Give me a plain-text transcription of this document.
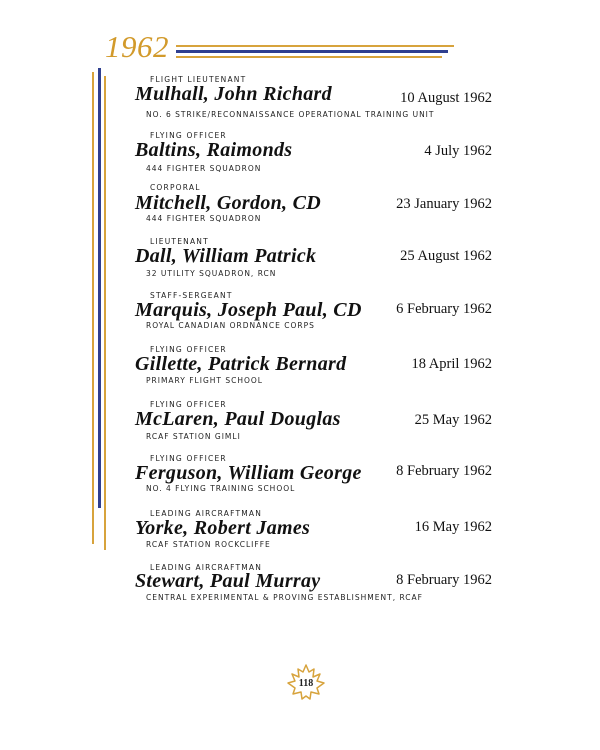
1962
FLIGHT LIEUTENANT
Mulhall, John Richard	10 August 1962
NO. 6 STRIKE/RECONNAISSANCE OPERATIONAL TRAINING UNIT
FLYING OFFICER
Baltins, Raimonds	4 July 1962
444 FIGHTER SQUADRON
CORPORAL
Mitchell, Gordon, CD	23 January 1962
444 FIGHTER SQUADRON
LIEUTENANT
Dall, William Patrick	25 August 1962
32 UTILITY SQUADRON, RCN
STAFF-SERGEANT
Marquis, Joseph Paul, CD 6 February 1962
ROYAL CANADIAN ORDNANCE CORPS
FLYING OFFICER
Gillette, Patrick Bernard	18 April 1962
PRIMARY FLIGHT SCHOOL
FLYING OFFICER
McLaren, Paul Douglas	25 May 1962
RCAF STATION GIMLI
FLYING OFFICER
Ferguson, William George 8 February 1962
NO. 4 FLYING TRAINING SCHOOL
LEADING AIRCRAFTMAN
Yorke, Robert James	16 May 1962
RCAF STATION ROCKCLIFFE
LEADING AIRCRAFTMAN
Stewart, Paul Murray	8 February 1962
CENTRAL EXPERIMENTAL & PROVING ESTABLISHMENT, RCAF
118
